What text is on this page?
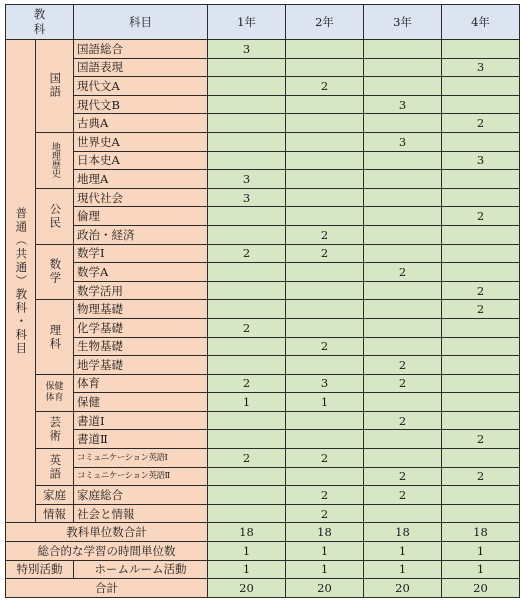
教科		科目	1年	2年	3年	4年

普通（共通）教科・科目	国語	国語総合	3			
		国語表現				3
		現代文A		2		
		現代文B			3	
		古典A				2

	地理歴史	世界史A			3	
		日本史A				3
		地理A	3			

	公民	現代社会	3			
		倫理				2
		政治・経済		2		

	数学	数学Ⅰ	2	2		
		数学A			2	
		数学活用				2

	理科	物理基礎				2
		化学基礎	2			
		生物基礎		2		
		地学基礎			2	

	保健体育	体育	2	3	2	
		保健	1	1		

	芸術	書道Ⅰ			2	
		書道Ⅱ				2

	英語	コミュニケーション英語Ⅰ	2	2		
		コミュニケーション英語Ⅱ			2	2

	家庭	家庭総合		2	2	

	情報	社会と情報		2		
教科単位数合計			18	18	18	18
総合的な学習の時間単位数			1	1	1	1
特別活動		ホームルーム活動	1	1	1	1
合計			20	20	20	20
